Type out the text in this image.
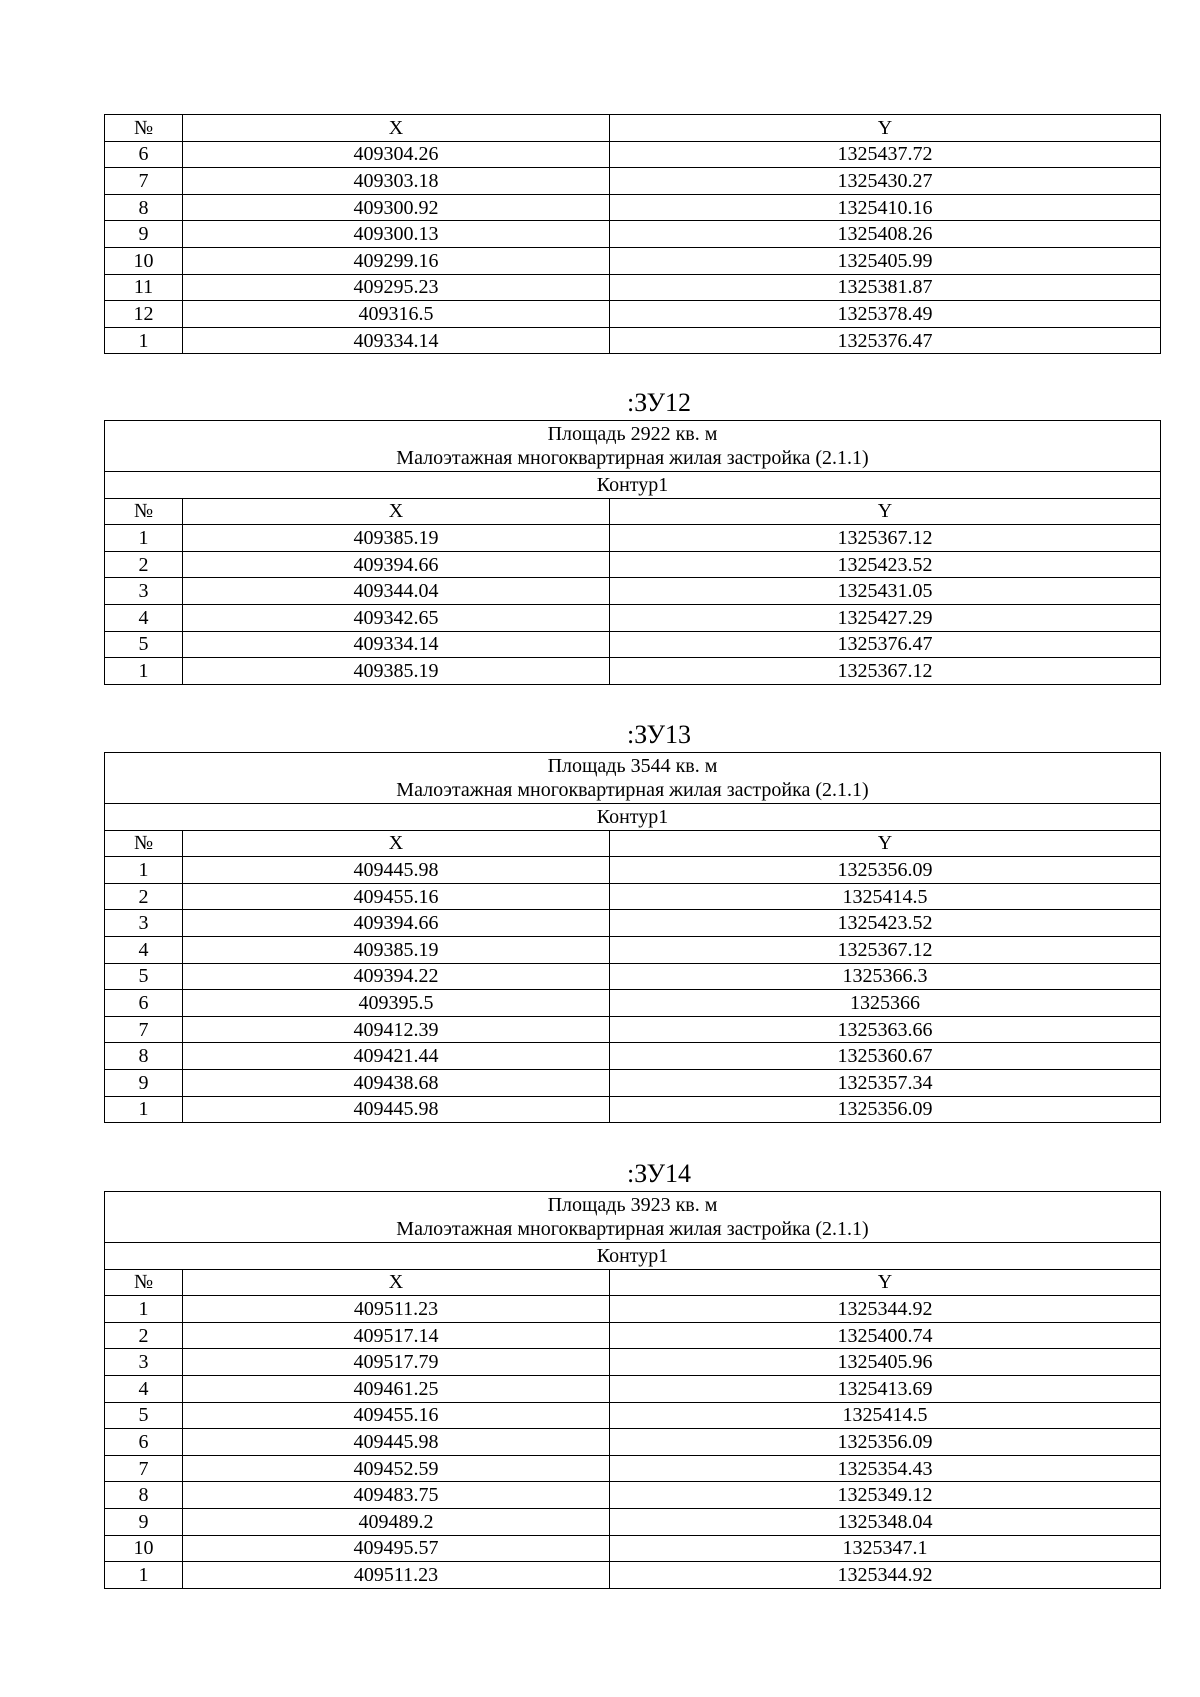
№	X	Y
6	409304.26	1325437.72
7	409303.18	1325430.27
8	409300.92	1325410.16
9	409300.13	1325408.26
10	409299.16	1325405.99
11	409295.23	1325381.87
12	409316.5	1325378.49
1	409334.14	1325376.47
:ЗУ12
Площадь 2922 кв. м
Малоэтажная многоквартирная жилая застройка (2.1.1)		

Контур1		
№	X	Y
1	409385.19	1325367.12
2	409394.66	1325423.52
3	409344.04	1325431.05
4	409342.65	1325427.29
5	409334.14	1325376.47
1	409385.19	1325367.12
:ЗУ13
Площадь 3544 кв. м
Малоэтажная многоквартирная жилая застройка (2.1.1)		

Контур1		
№	X	Y
1	409445.98	1325356.09
2	409455.16	1325414.5
3	409394.66	1325423.52
4	409385.19	1325367.12
5	409394.22	1325366.3
6	409395.5	1325366
7	409412.39	1325363.66
8	409421.44	1325360.67
9	409438.68	1325357.34
1	409445.98	1325356.09
:ЗУ14
Площадь 3923 кв. м
Малоэтажная многоквартирная жилая застройка (2.1.1)		

Контур1		
№	X	Y
1	409511.23	1325344.92
2	409517.14	1325400.74
3	409517.79	1325405.96
4	409461.25	1325413.69
5	409455.16	1325414.5
6	409445.98	1325356.09
7	409452.59	1325354.43
8	409483.75	1325349.12
9	409489.2	1325348.04
10	409495.57	1325347.1
1	409511.23	1325344.92
